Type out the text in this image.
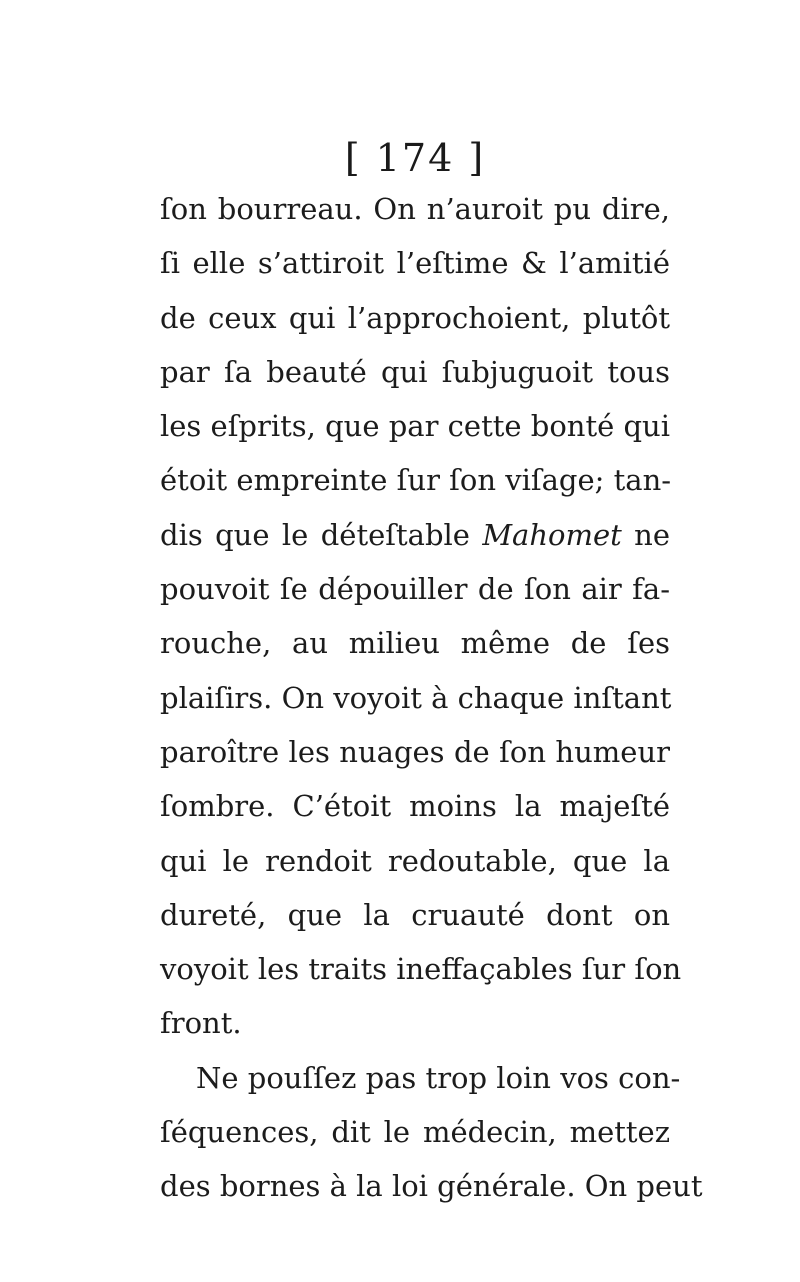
[ 174 ]
ſon bourreau. On n’auroit pu dire,
ſi elle s’attiroit l’eſtime & l’amitié
de ceux qui l’approchoient, plutôt
par ſa beauté qui ſubjuguoit tous
les eſprits, que par cette bonté qui
étoit empreinte ſur ſon viſage; tan-
dis que le déteſtable Mahomet ne
pouvoit ſe dépouiller de ſon air fa-
rouche, au milieu même de ſes
plaiſirs. On voyoit à chaque inſtant
paroître les nuages de ſon humeur
ſombre. C’étoit moins la majeſté
qui le rendoit redoutable, que la
dureté, que la cruauté dont on
voyoit les traits ineffaçables ſur ſon
front.
Ne pouſſez pas trop loin vos con-
ſéquences, dit le médecin, mettez
des bornes à la loi générale. On peut
